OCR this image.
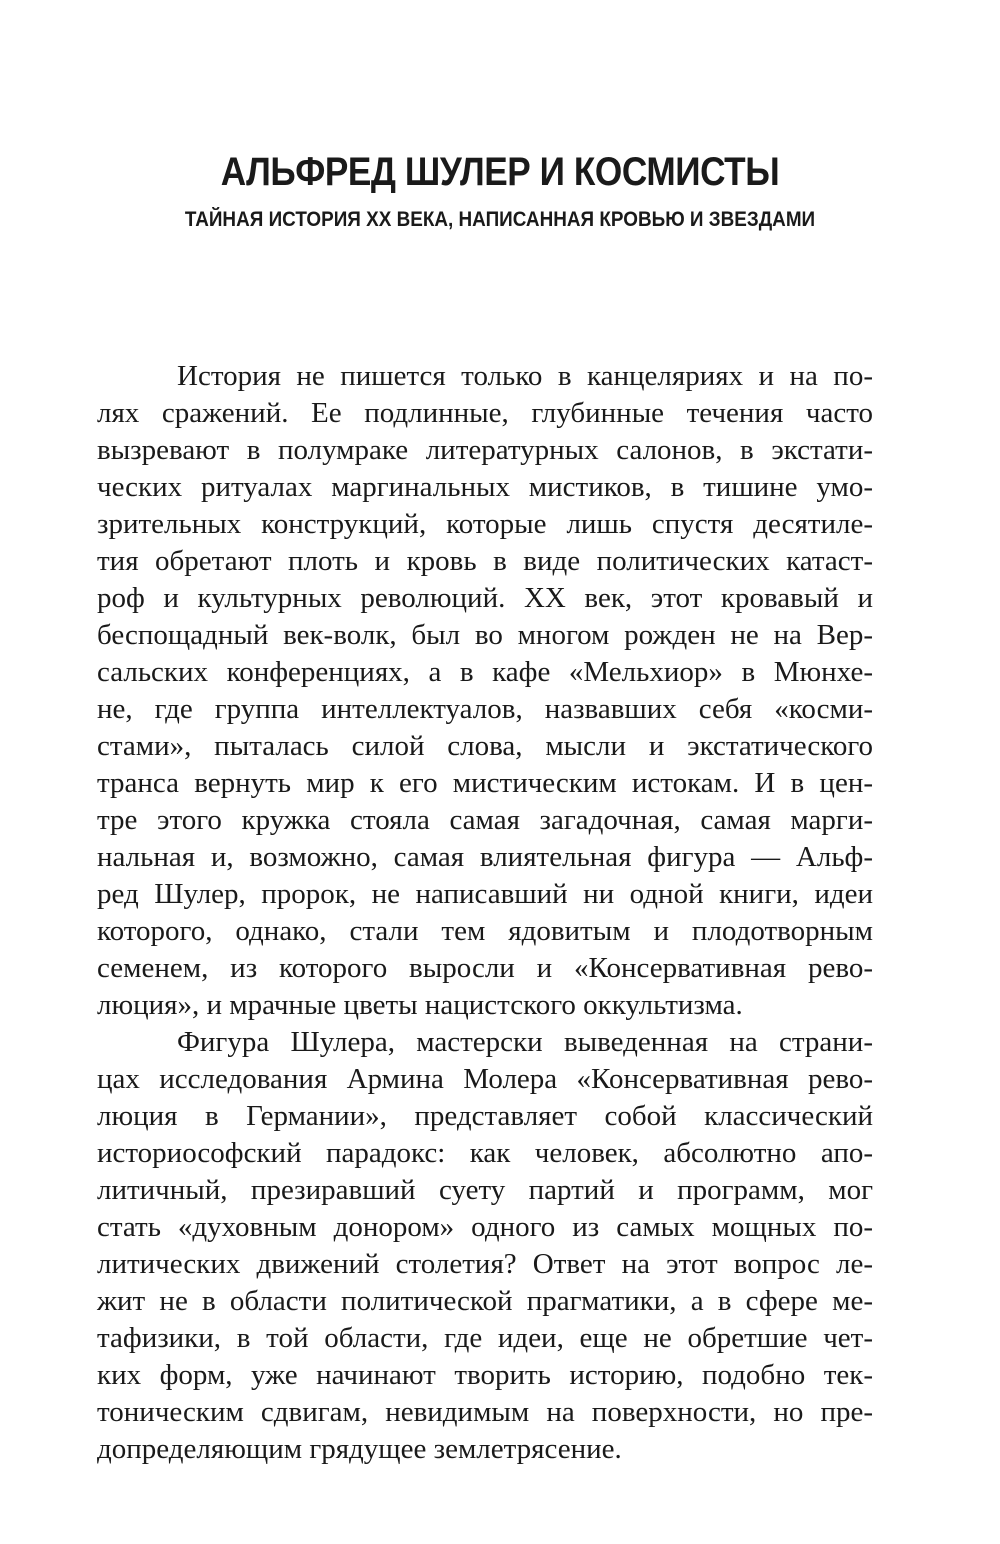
АЛЬФРЕД ШУЛЕР И КОСМИСТЫ
ТАЙНАЯ ИСТОРИЯ XX ВЕКА, НАПИСАННАЯ КРОВЬЮ И ЗВЕЗДАМИ
История не пишется только в канцеляриях и на по-
лях сражений. Ее подлинные, глубинные течения часто
вызревают в полумраке литературных салонов, в экстати-
ческих ритуалах маргинальных мистиков, в тишине умо-
зрительных конструкций, которые лишь спустя десятиле-
тия обретают плоть и кровь в виде политических катаст-
роф и культурных революций. XX век, этот кровавый и
беспощадный век-волк, был во многом рожден не на Вер-
сальских конференциях, а в кафе «Мельхиор» в Мюнхе-
не, где группа интеллектуалов, назвавших себя «косми-
стами», пыталась силой слова, мысли и экстатического
транса вернуть мир к его мистическим истокам. И в цен-
тре этого кружка стояла самая загадочная, самая марги-
нальная и, возможно, самая влиятельная фигура — Альф-
ред Шулер, пророк, не написавший ни одной книги, идеи
которого, однако, стали тем ядовитым и плодотворным
семенем, из которого выросли и «Консервативная рево-
люция», и мрачные цветы нацистского оккультизма.
Фигура Шулера, мастерски выведенная на страни-
цах исследования Армина Молера «Консервативная рево-
люция в Германии», представляет собой классический
историософский парадокс: как человек, абсолютно апо-
литичный, презиравший суету партий и программ, мог
стать «духовным донором» одного из самых мощных по-
литических движений столетия? Ответ на этот вопрос ле-
жит не в области политической прагматики, а в сфере ме-
тафизики, в той области, где идеи, еще не обретшие чет-
ких форм, уже начинают творить историю, подобно тек-
тоническим сдвигам, невидимым на поверхности, но пре-
допределяющим грядущее землетрясение.
